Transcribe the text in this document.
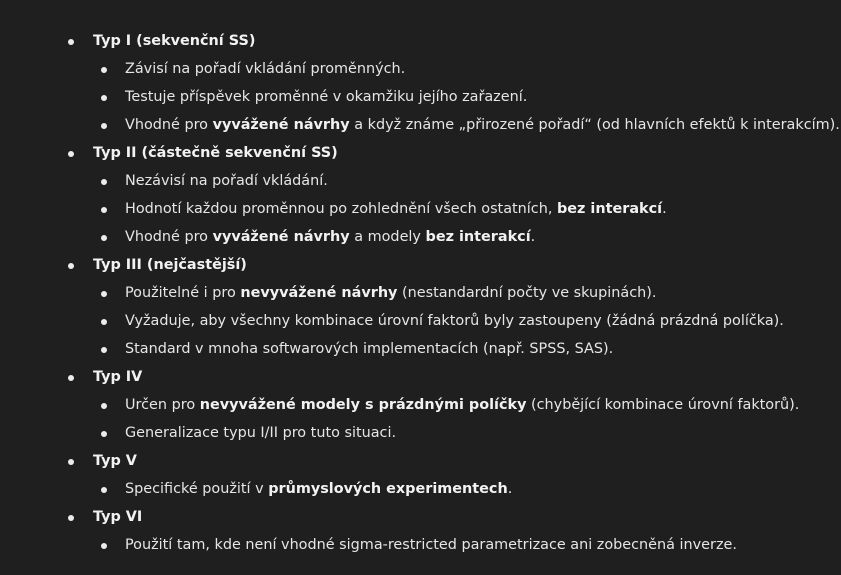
Typ I (sekvenční SS)
Závisí na pořadí vkládání proměnných.
Testuje příspěvek proměnné v okamžiku jejího zařazení.
Vhodné pro vyvážené návrhy a když známe „přirozené pořadí“ (od hlavních efektů k interakcím).
Typ II (částečně sekvenční SS)
Nezávisí na pořadí vkládání.
Hodnotí každou proměnnou po zohlednění všech ostatních, bez interakcí.
Vhodné pro vyvážené návrhy a modely bez interakcí.
Typ III (nejčastější)
Použitelné i pro nevyvážené návrhy (nestandardní počty ve skupinách).
Vyžaduje, aby všechny kombinace úrovní faktorů byly zastoupeny (žádná prázdná políčka).
Standard v mnoha softwarových implementacích (např. SPSS, SAS).
Typ IV
Určen pro nevyvážené modely s prázdnými políčky (chybějící kombinace úrovní faktorů).
Generalizace typu I/II pro tuto situaci.
Typ V
Specifické použití v průmyslových experimentech.
Typ VI
Použití tam, kde není vhodné sigma-restricted parametrizace ani zobecněná inverze.
